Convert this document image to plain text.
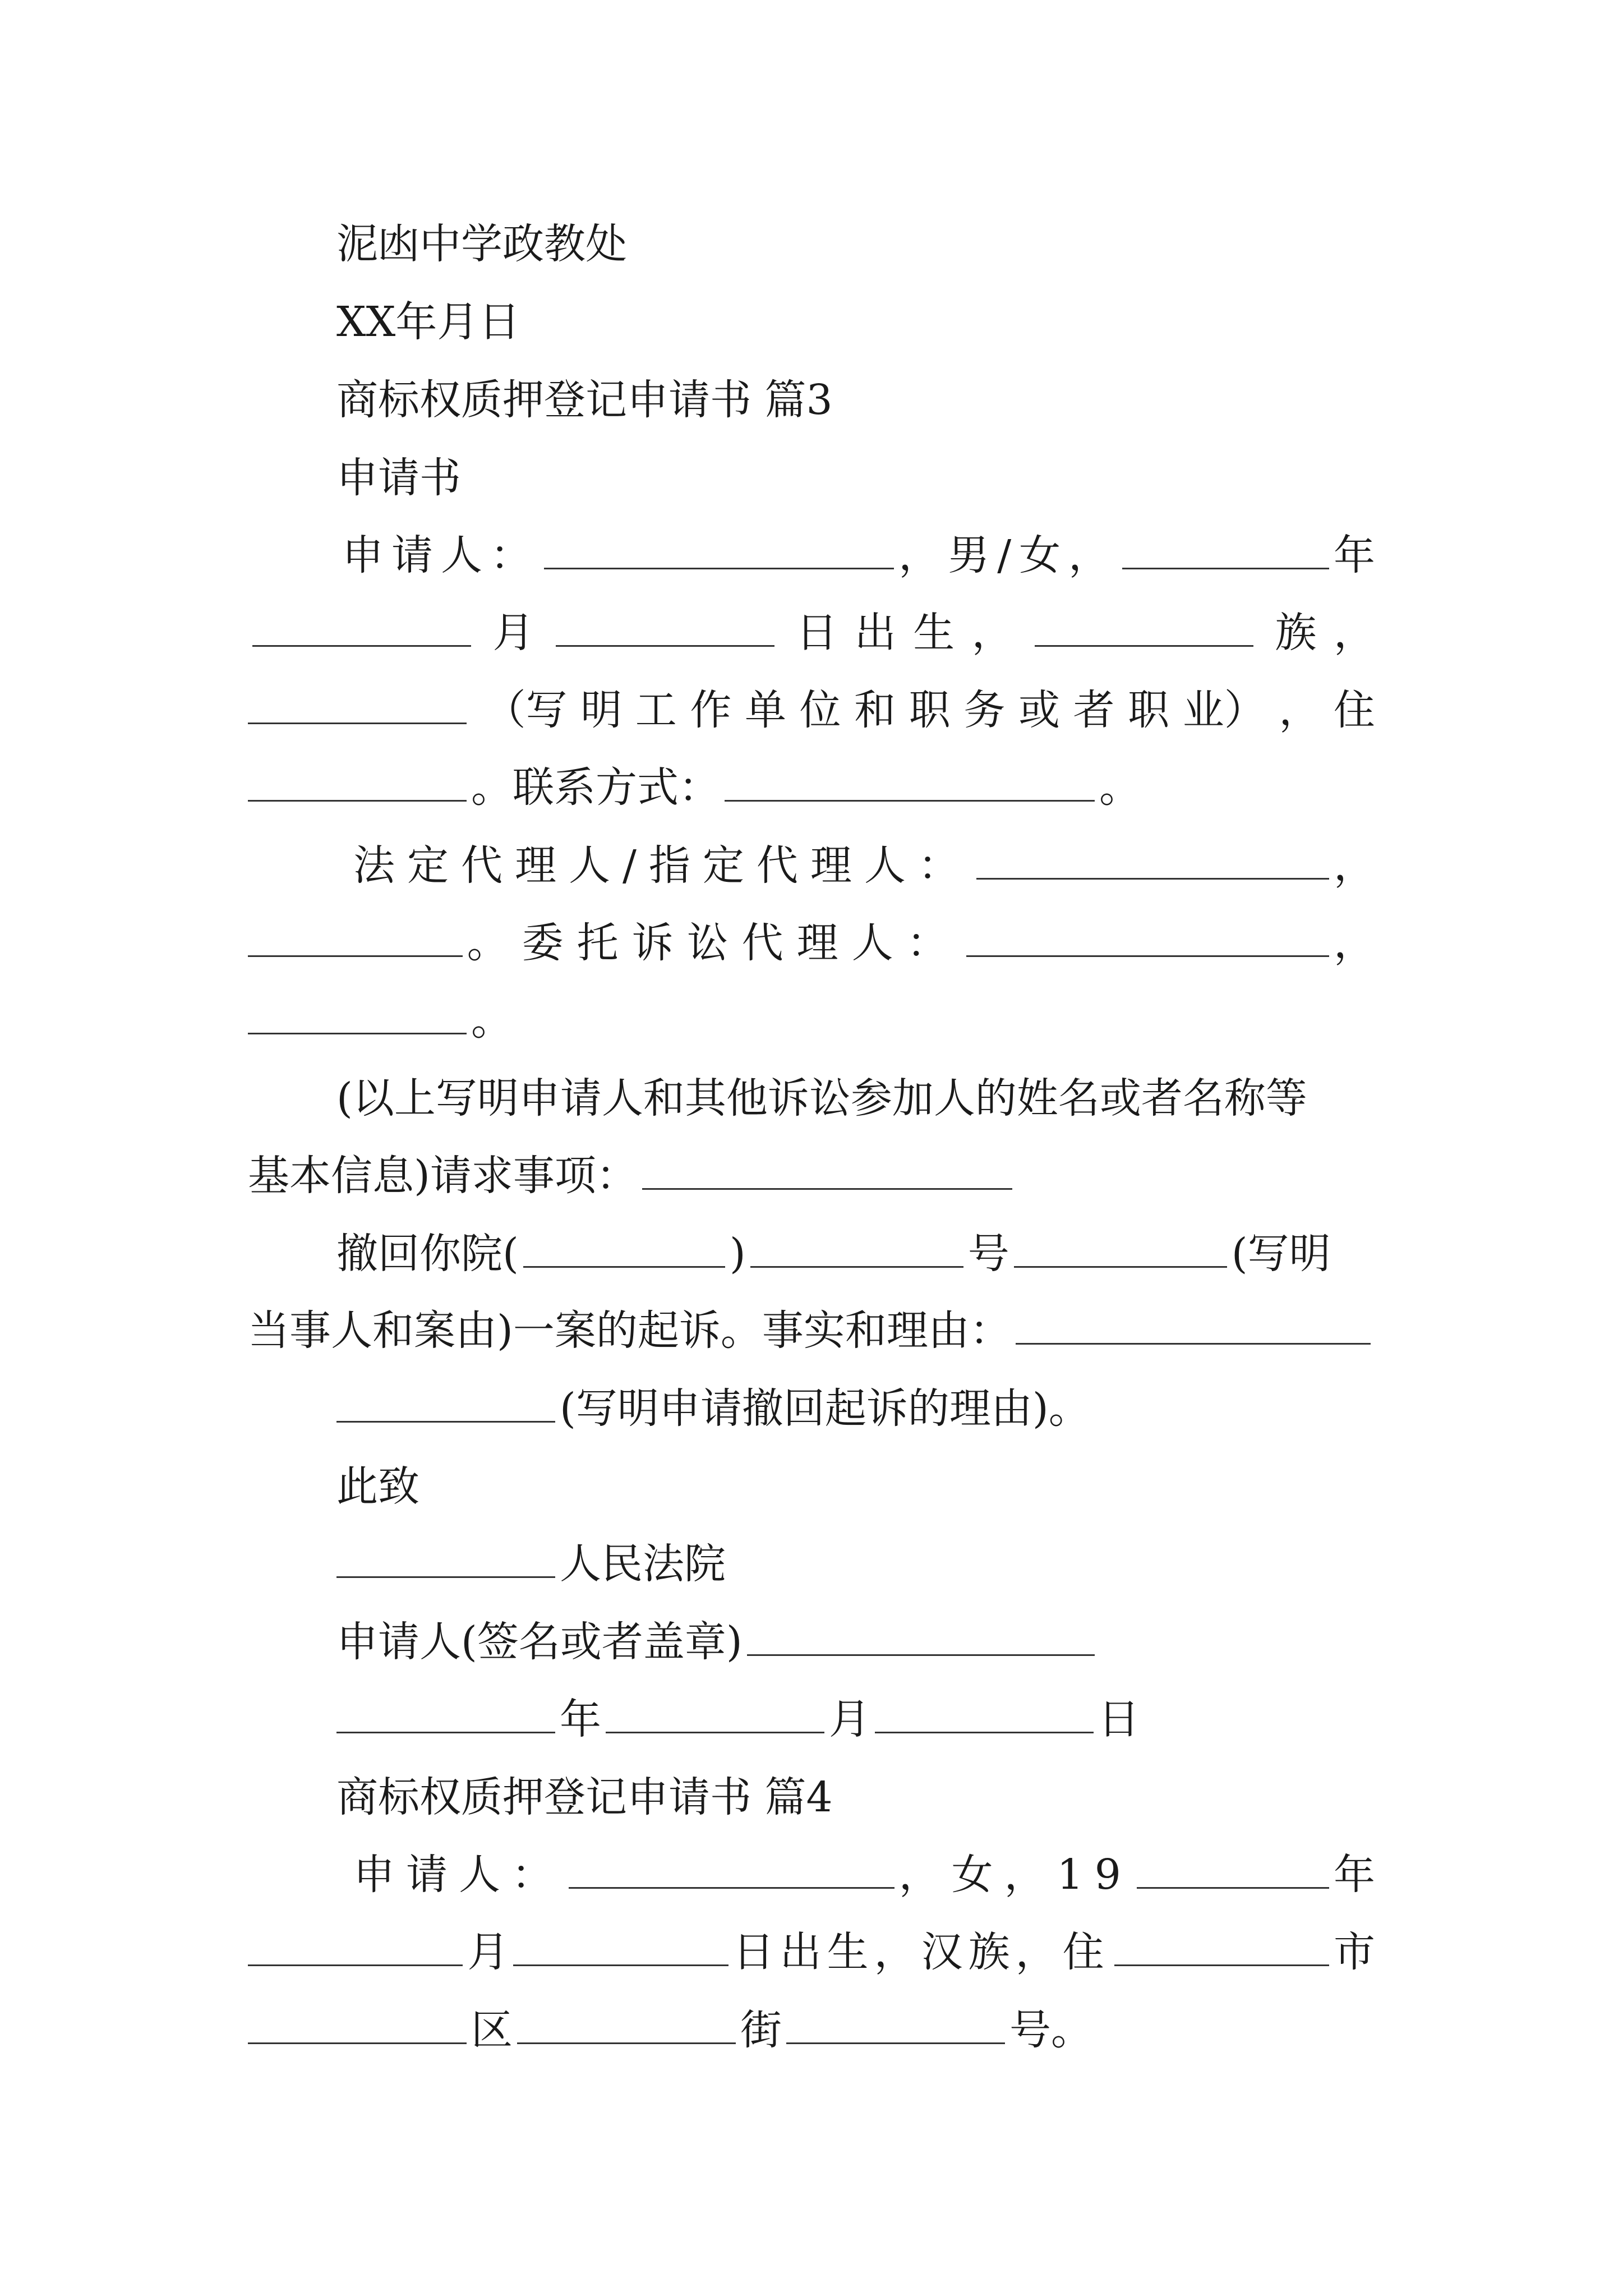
泥凼中学政教处
XX年月日
商标权质押登记申请书 篇3
申请书
申请人：	，男/女，	年
月	日 出 生 ，	族 ，
（写 明 工 作 单 位 和 职 务 或 者 职 业） ， 住
。联系方式：	。
法定代理人/指定代理人：	，
。委托诉讼代理人：	，
。
(以上写明申请人和其他诉讼参加人的姓名或者名称等
基本信息)请求事项：
撤回你院(	)	号	(写明
当事人和案由)一案的起诉。事实和理由：
(写明申请撤回起诉的理由)。
此致
人民法院
申请人(签名或者盖章)
年	月	日
商标权质押登记申请书 篇4
申请人：	，女，19	年
月	日出生，汉族，住	市
区	街	号。
